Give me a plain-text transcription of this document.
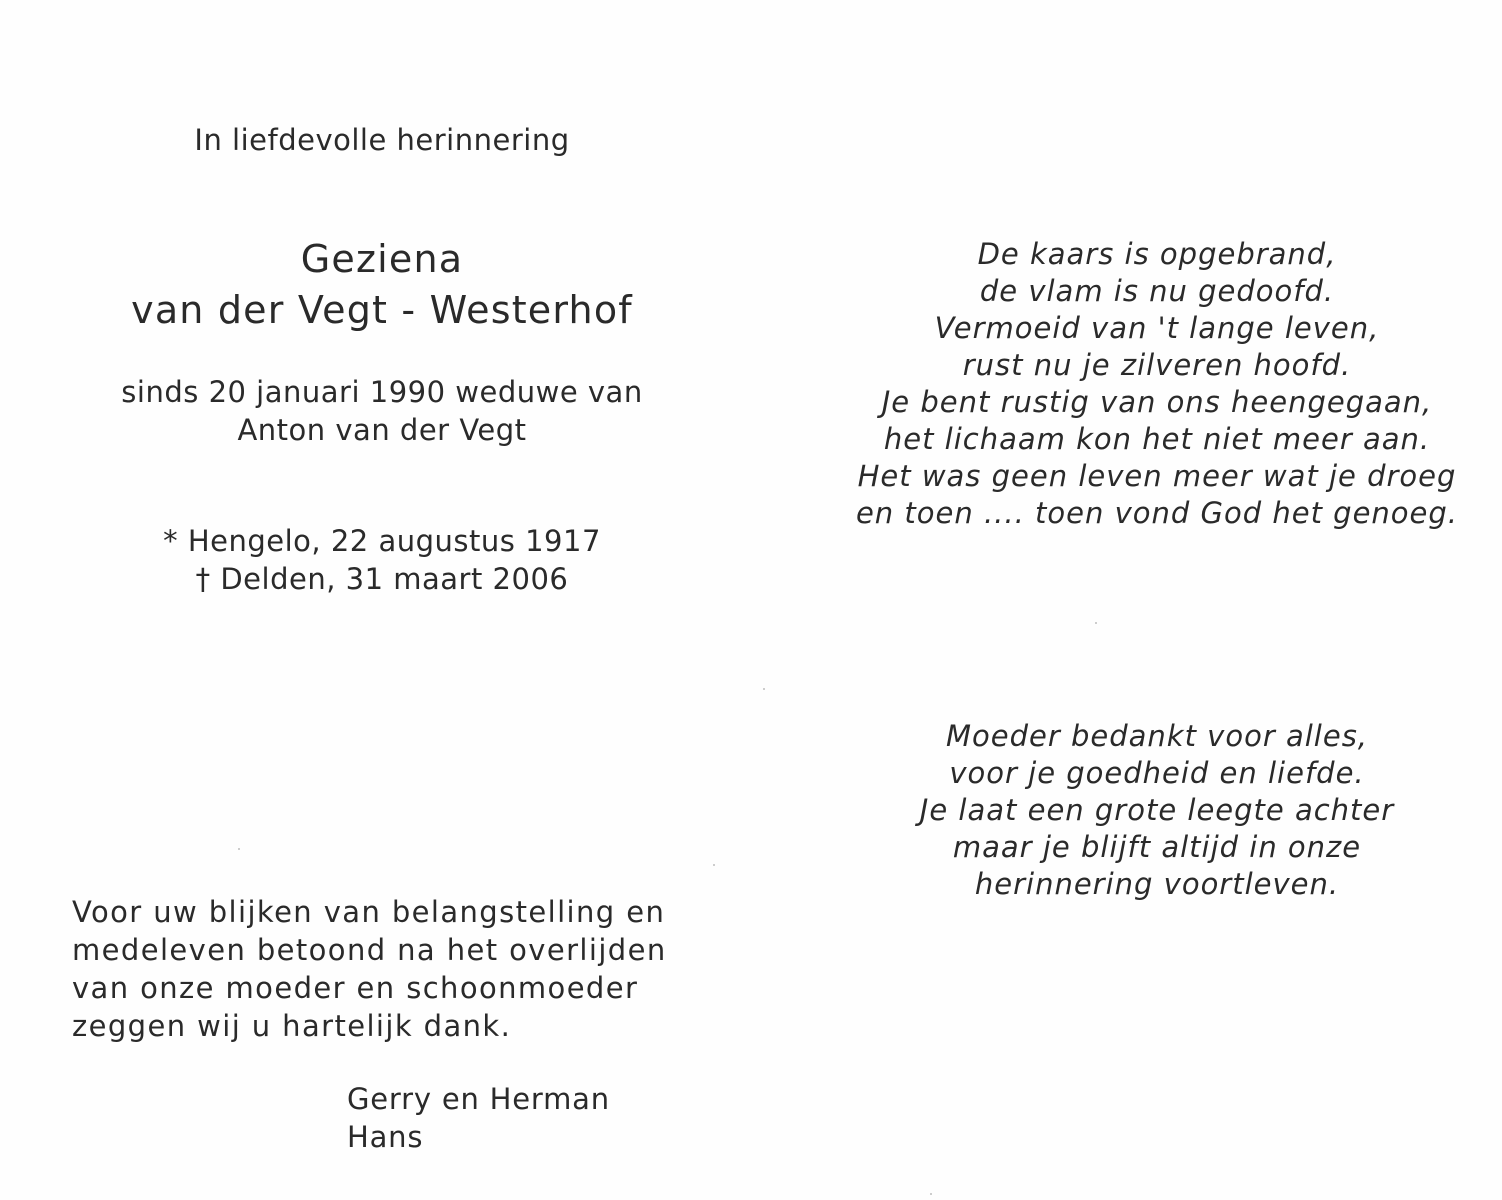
In liefdevolle herinnering
Geziena
van der Vegt - Westerhof
sinds 20 januari 1990 weduwe van
Anton van der Vegt
* Hengelo, 22 augustus 1917
† Delden, 31 maart 2006
Voor uw blijken van belangstelling en
medeleven betoond na het overlijden
van onze moeder en schoonmoeder
zeggen wij u hartelijk dank.
Gerry en Herman
Hans
De kaars is opgebrand,
de vlam is nu gedoofd.
Vermoeid van 't lange leven,
rust nu je zilveren hoofd.
Je bent rustig van ons heengegaan,
het lichaam kon het niet meer aan.
Het was geen leven meer wat je droeg
en toen .... toen vond God het genoeg.
Moeder bedankt voor alles,
voor je goedheid en liefde.
Je laat een grote leegte achter
maar je blijft altijd in onze
herinnering voortleven.
